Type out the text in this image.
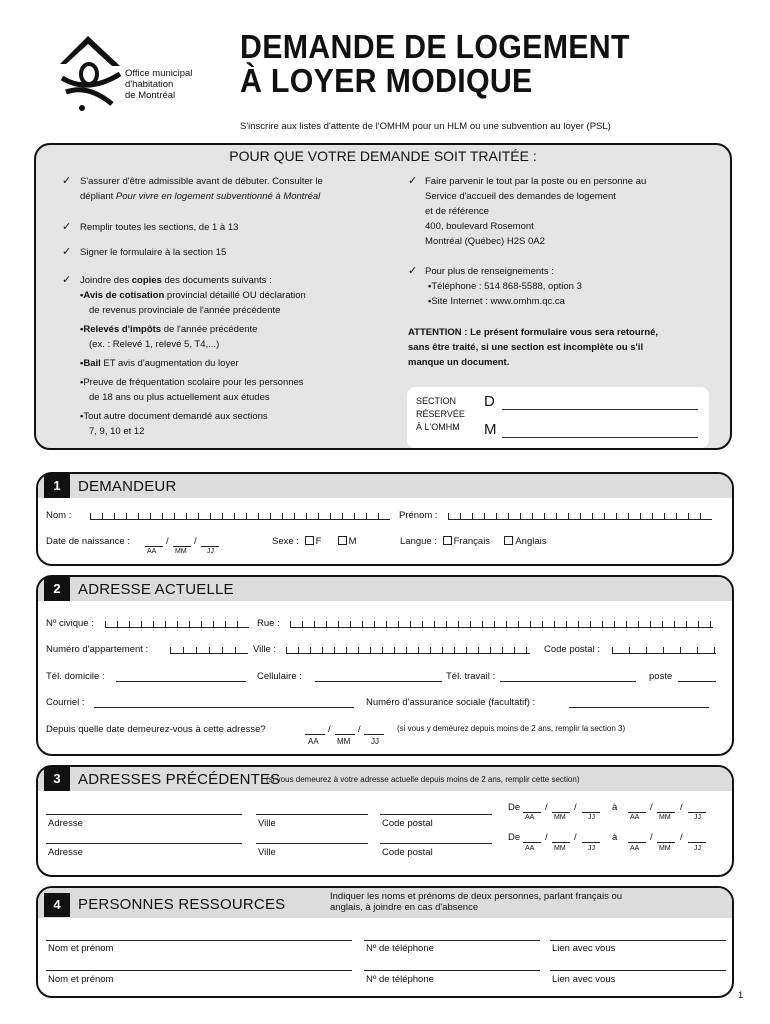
Office municipal
d'habitation
de Montréal
DEMANDE DE LOGEMENT
À LOYER MODIQUE
S'inscrire aux listes d'attente de l'OMHM pour un HLM ou une subvention au loyer (PSL)
POUR QUE VOTRE DEMANDE SOIT TRAITÉE :
✓ S'assurer d'être admissible avant de débuter. Consulter le
dépliant Pour vivre en logement subventionné à Montréal
✓ Remplir toutes les sections, de 1 à 13
✓ Signer le formulaire à la section 15
✓ Joindre des copies des documents suivants :
• Avis de cotisation provincial détaillé OU déclaration
de revenus provinciale de l'année précédente
• Relevés d'impôts de l'année précédente
(ex. : Relevé 1, relevé 5, T4,...)
• Bail ET avis d'augmentation du loyer
• Preuve de fréquentation scolaire pour les personnes
de 18 ans ou plus actuellement aux études
• Tout autre document demandé aux sections
7, 9, 10 et 12
✓ Faire parvenir le tout par la poste ou en personne au
Service d'accueil des demandes de logement
et de référence
400, boulevard Rosemont
Montréal (Québec) H2S 0A2
✓ Pour plus de renseignements :
• Téléphone : 514 868-5588, option 3
• Site Internet : www.omhm.qc.ca
ATTENTION : Le présent formulaire vous sera retourné,
sans être traité, si une section est incomplète ou s'il
manque un document.
SECTION
RÉSERVÉE
À L'OMHM
D
M
1	DEMANDEUR
Nom :	Prénom :
Date de naissance :	/	/
AA	MM	JJ
Sexe : F	M	Langue : Français	Anglais
2	ADRESSE ACTUELLE
Nº civique :	Rue :
Numéro d'appartement :	Ville :	Code postal :
Tél. domicile :	Cellulaire :	Tél. travail :	poste
Courriel :	Numéro d'assurance sociale (facultatif) :
Depuis quelle date demeurez-vous à cette adresse?	/	/
AA MM	JJ
(si vous y demeurez depuis moins de 2 ans, remplir la section 3)
3	ADRESSES PRÉCÉDENTES
(si vous demeurez à votre adresse actuelle depuis moins de 2 ans, remplir cette section)
Adresse	Ville	Code postal
De	/	/	à	/	/
AA	MM	JJ	AA	MM	JJ
Adresse	Ville	Code postal
De	/	/	à	/	/
AA	MM	JJ	AA	MM	JJ
4	PERSONNES RESSOURCES	Indiquer les noms et prénoms de deux personnes, parlant français ou
anglais, à joindre en cas d'absence
Nom et prénom	Nº de téléphone	Lien avec vous
Nom et prénom	Nº de téléphone	Lien avec vous
1
